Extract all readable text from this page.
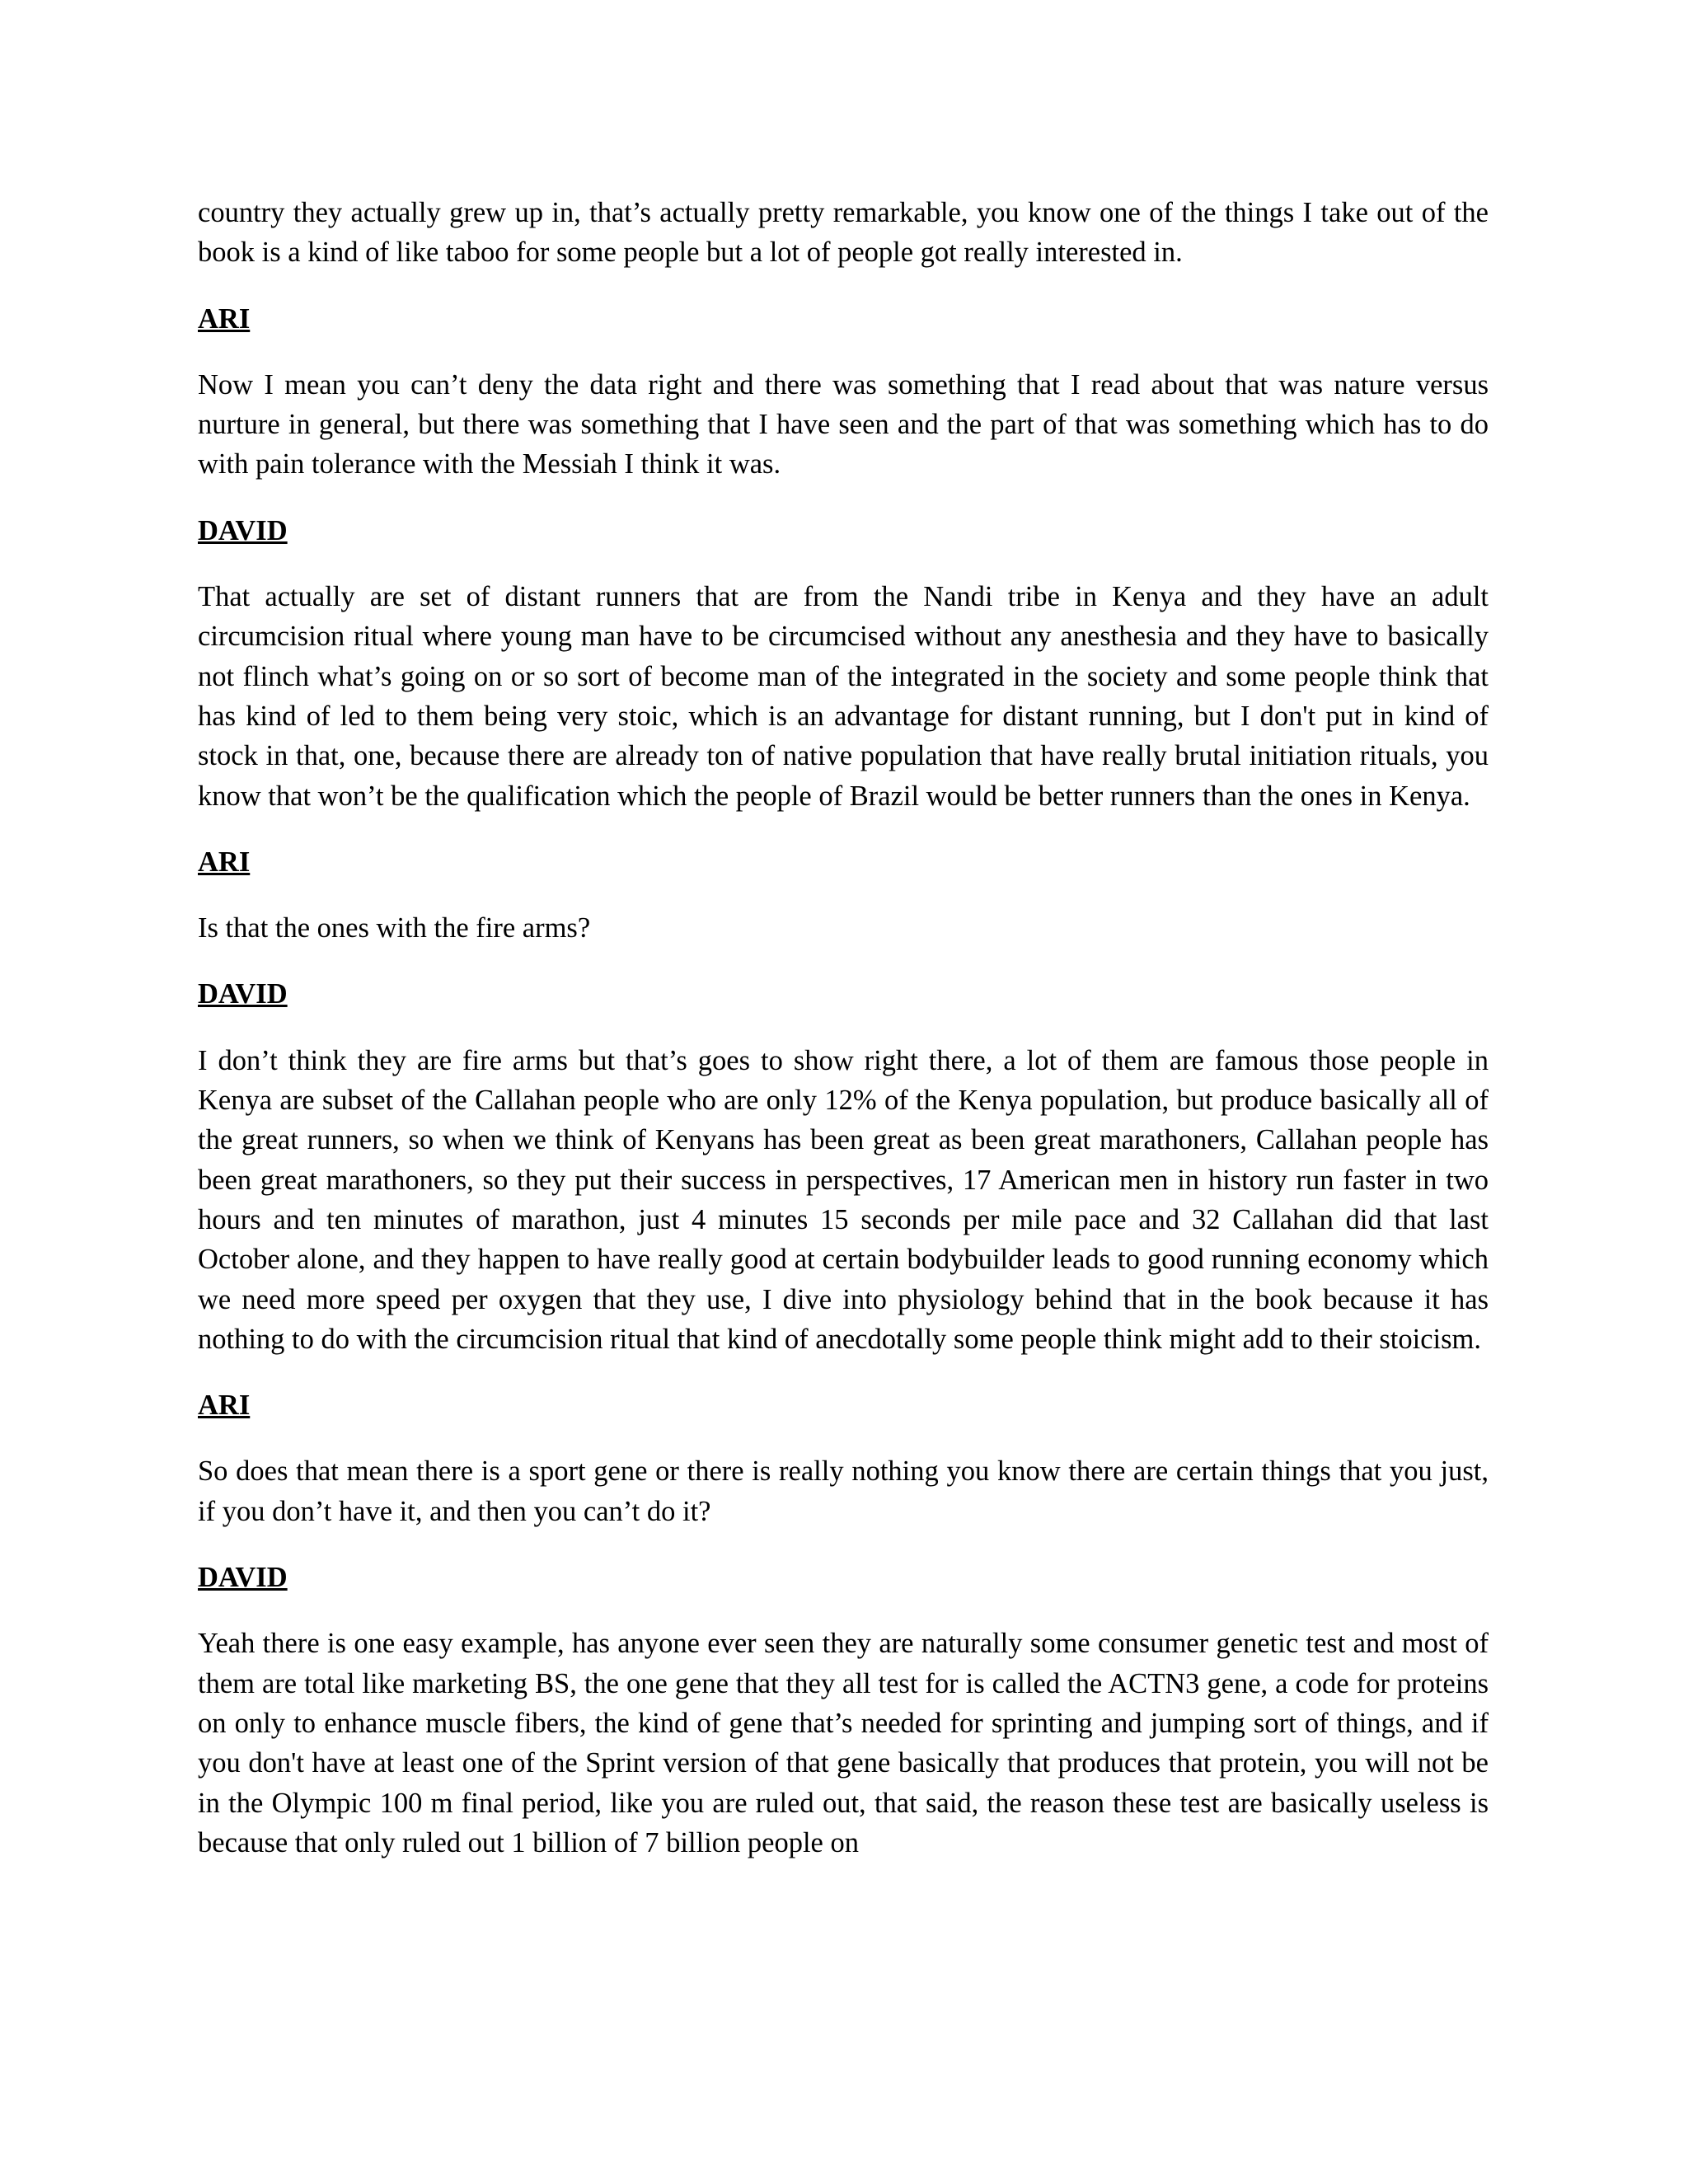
country they actually grew up in, that’s actually pretty remarkable, you know one of the things I take out of the book is a kind of like taboo for some people but a lot of people got really interested in.

ARI

Now I mean you can’t deny the data right and there was something that I read about that was nature versus nurture in general, but there was something that I have seen and the part of that was something which has to do with pain tolerance with the Messiah I think it was.

DAVID

That actually are set of distant runners that are from the Nandi tribe in Kenya and they have an adult circumcision ritual where young man have to be circumcised without any anesthesia and they have to basically not flinch what’s going on or so sort of become man of the integrated in the society and some people think that has kind of led to them being very stoic, which is an advantage for distant running, but I don't put in kind of stock in that, one, because there are already ton of native population that have really brutal initiation rituals, you know that won’t be the qualification which the people of Brazil would be better runners than the ones in Kenya.

ARI

Is that the ones with the fire arms?

DAVID

I don’t think they are fire arms but that’s goes to show right there, a lot of them are famous those people in Kenya are subset of the Callahan people who are only 12% of the Kenya population, but produce basically all of the great runners, so when we think of Kenyans has been great as been great marathoners, Callahan people has been great marathoners, so they put their success in perspectives, 17 American men in history run faster in two hours and ten minutes of marathon, just 4 minutes 15 seconds per mile pace and 32 Callahan did that last October alone, and they happen to have really good at certain bodybuilder leads to good running economy which we need more speed per oxygen that they use, I dive into physiology behind that in the book because it has nothing to do with the circumcision ritual that kind of anecdotally some people think might add to their stoicism.

ARI

So does that mean there is a sport gene or there is really nothing you know there are certain things that you just, if you don’t have it, and then you can’t do it?

DAVID

Yeah there is one easy example, has anyone ever seen they are naturally some consumer genetic test and most of them are total like marketing BS, the one gene that they all test for is called the ACTN3 gene, a code for proteins on only to enhance muscle fibers, the kind of gene that’s needed for sprinting and jumping sort of things, and if you don't have at least one of the Sprint version of that gene basically that produces that protein, you will not be in the Olympic 100 m final period, like you are ruled out, that said, the reason these test are basically useless is because that only ruled out 1 billion of 7 billion people on
